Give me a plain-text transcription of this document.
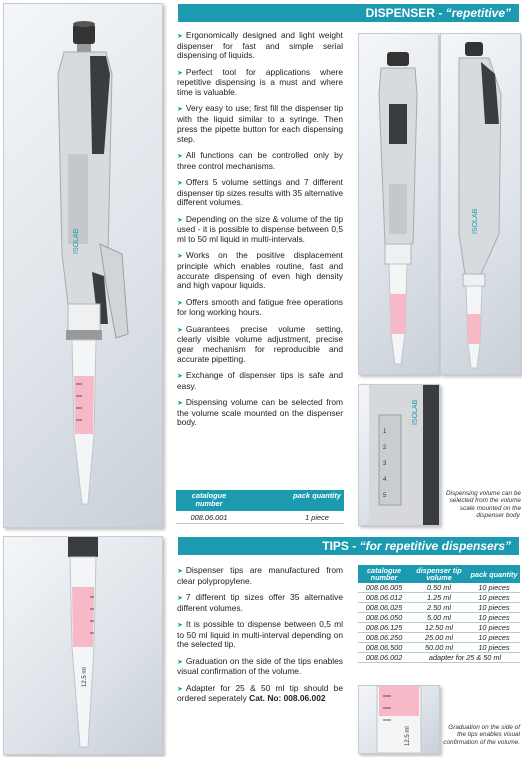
ISOLAB
DISPENSER - “repetitive”
➤ Ergonomically designed and light weight dispenser for fast and simple serial dispensing of liquids.
➤ Perfect tool for applications where repetitive dispensing is a must and where time is valuable.
➤ Very easy to use; first fill the dispenser tip with the liquid similar to a syringe. Then press the pipette button for each dispensing step.
➤ All functions can be controlled only by three control mechanisms.
➤ Offers 5 volume settings and 7 different dispenser tip sizes results with 35 alternative different volumes.
➤ Depending on the size & volume of the tip used - it is possible to dispense between 0,5 ml to 50 ml liquid in multi-intervals.
➤ Works on the positive displacement principle which enables routine, fast and accurate dispensing of even high density and high vapour liquids.
➤ Offers smooth and fatigue free operations for long working hours.
➤ Guarantees precise volume setting, clearly visible volume adjustment, precise gear mechanism for reproducible and accurate pipetting.
➤ Exchange of dispenser tips is safe and easy.
➤ Dispensing volume can be selected from the volume scale mounted on the dispenser body.
catalogue number
pack quantity
008.06.001	1 piece
ISOLAB
ISOLAB
1
2
3
4
5	Dispensing volume can be selected from the volume scale mounted on the dispenser body.
12.5 ml
TIPS - “for repetitive dispensers”
➤ Dispenser tips are manufactured from clear polypropylene.
➤ 7 different tip sizes offer 35 alternative different volumes.
➤ It is possible to dispense between 0,5 ml to 50 ml liquid in multi-interval depending on the selected tip.
➤ Graduation on the side of the tips enables visual confirmation of the volume.
➤ Adapter for 25 & 50 ml tip should be ordered seperately Cat. No: 008.06.002
catalogue number	dispenser tip volume	pack quantity
008.06.005	0.50 ml	10 pieces
008.06.012	1.25 ml	10 pieces
008.06.025	2.50 ml	10 pieces
008.06.050	5.00 ml	10 pieces
008.06.125	12.50 ml	10 pieces
008.06.250	25.00 ml	10 pieces
008.06.500	50.00 ml	10 pieces
008.06.002	adapter for 25 & 50 ml	
12.5 ml	Graduation on the side of the tips enables visual confirmation of the volume.
